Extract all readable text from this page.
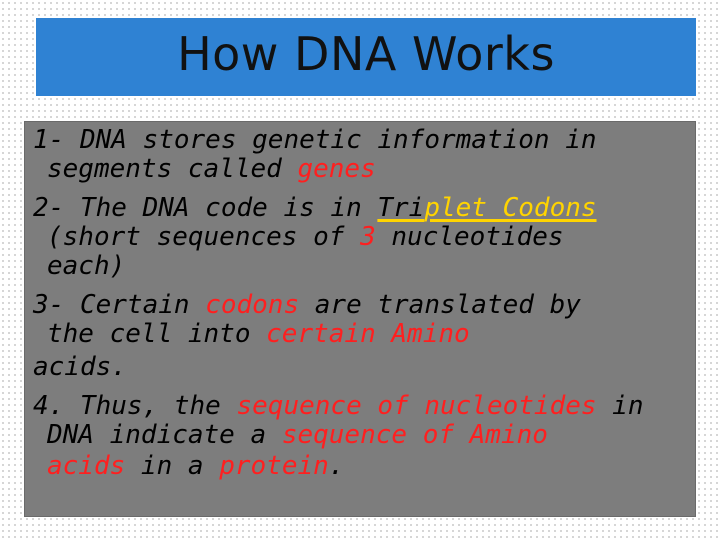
How DNA Works
1- DNA stores genetic information in
segments called genes
2- The DNA code is in Triplet Codons
(short sequences of 3 nucleotides
each)
3- Certain codons are translated by
the cell into certain Amino
acids.
4. Thus, the sequence of nucleotides in
DNA indicate a sequence of Amino
acids in a protein.
